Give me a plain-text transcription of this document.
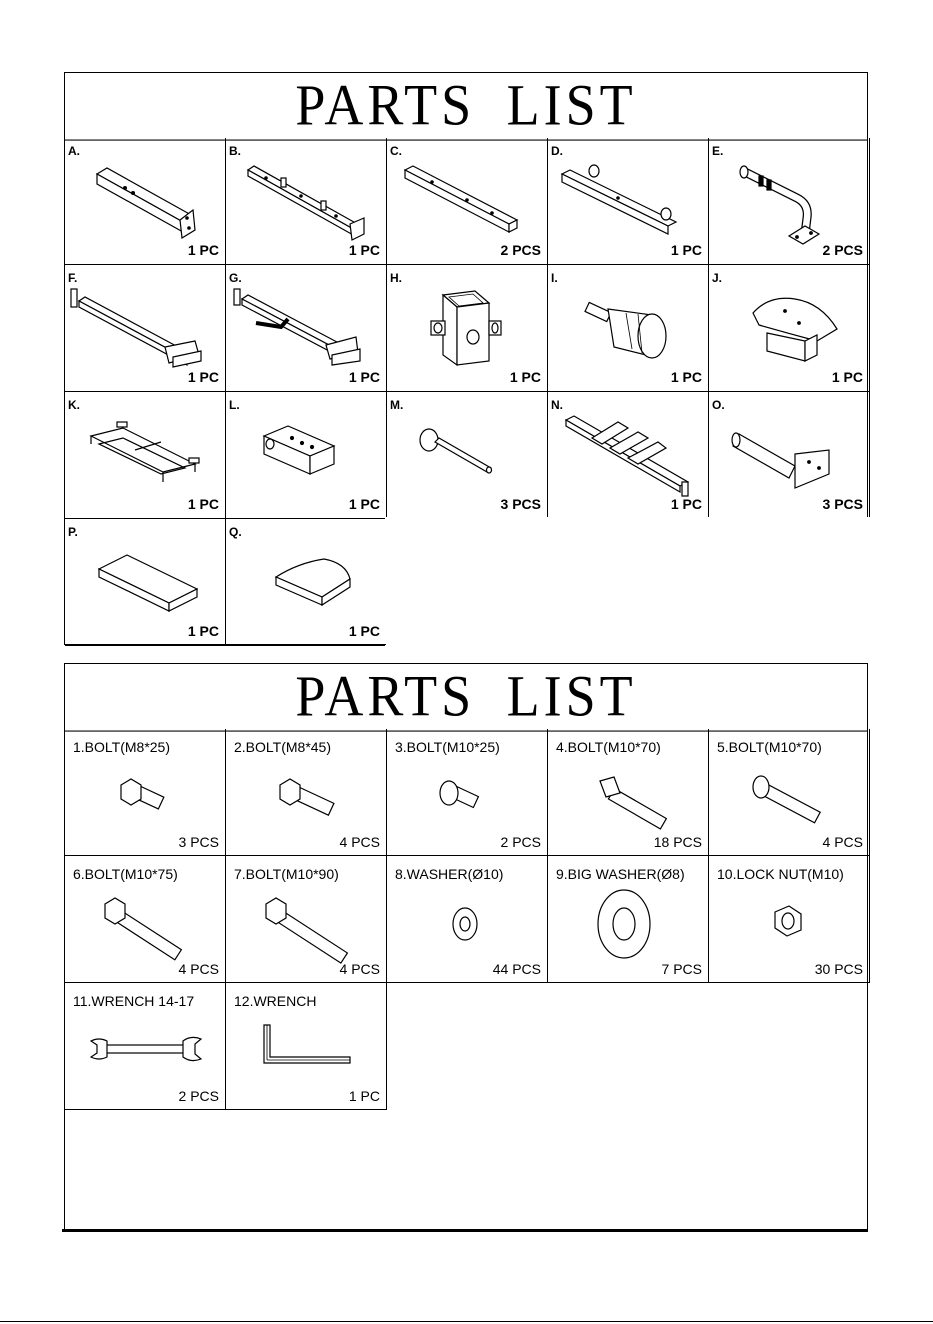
PARTS LIST
A.
1 PC
B.
1 PC
C.
2 PCS
D.
1 PC
E.
2 PCS
F.
1 PC
G.
1 PC
H.
1 PC
I.
1 PC
J.
1 PC
K.
1 PC
L.
1 PC
M.
3 PCS
N.
1 PC
O.
3 PCS
P.
1 PC
Q.
1 PC
PARTS LIST
1.BOLT(M8*25)
3 PCS
2.BOLT(M8*45)
4 PCS
3.BOLT(M10*25)
2 PCS
4.BOLT(M10*70)
18 PCS
5.BOLT(M10*70)
4 PCS
6.BOLT(M10*75)
4 PCS
7.BOLT(M10*90)
4 PCS
8.WASHER(Ø10)
44 PCS
9.BIG WASHER(Ø8)
7 PCS
10.LOCK NUT(M10)
30 PCS
11.WRENCH 14-17
2 PCS
12.WRENCH
1 PC
